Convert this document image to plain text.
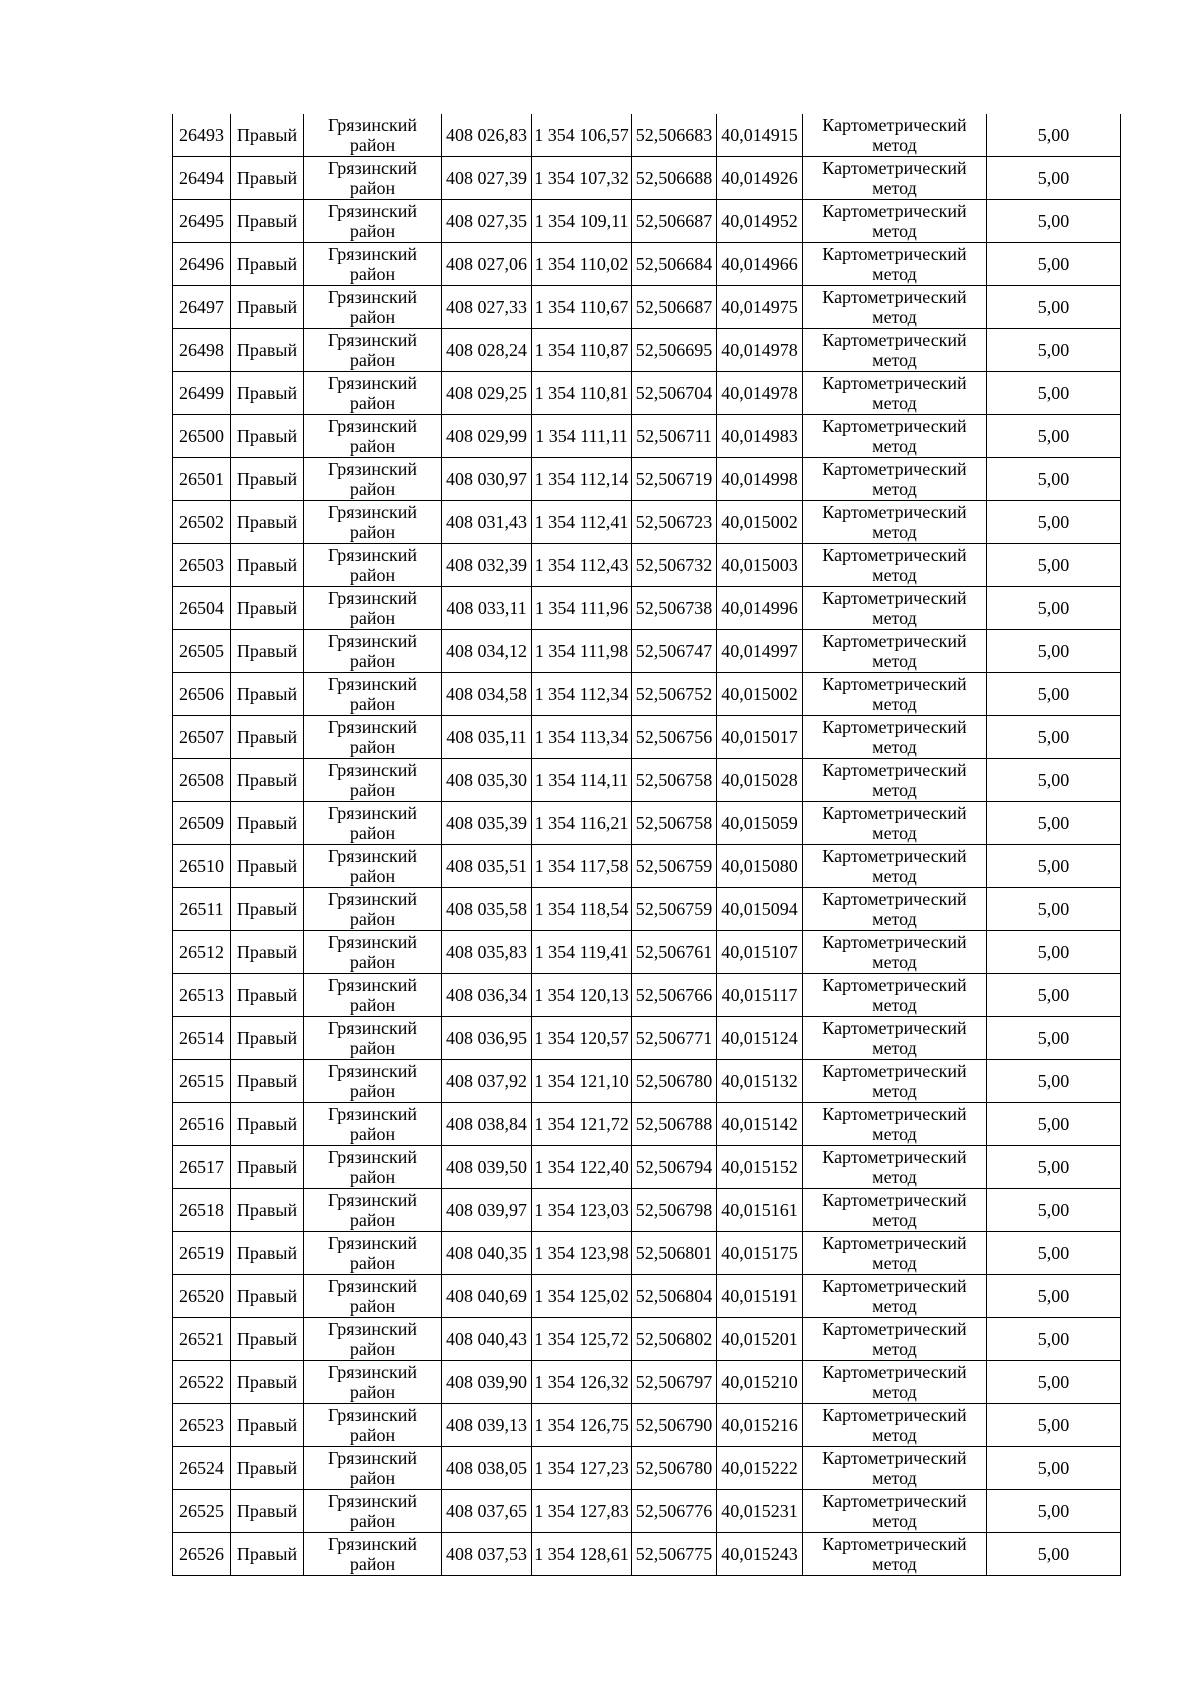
26493	Правый	Грязинский район	408 026,83	1 354 106,57	52,506683	40,014915	Картометрический метод	5,00
26494	Правый	Грязинский район	408 027,39	1 354 107,32	52,506688	40,014926	Картометрический метод	5,00
26495	Правый	Грязинский район	408 027,35	1 354 109,11	52,506687	40,014952	Картометрический метод	5,00
26496	Правый	Грязинский район	408 027,06	1 354 110,02	52,506684	40,014966	Картометрический метод	5,00
26497	Правый	Грязинский район	408 027,33	1 354 110,67	52,506687	40,014975	Картометрический метод	5,00
26498	Правый	Грязинский район	408 028,24	1 354 110,87	52,506695	40,014978	Картометрический метод	5,00
26499	Правый	Грязинский район	408 029,25	1 354 110,81	52,506704	40,014978	Картометрический метод	5,00
26500	Правый	Грязинский район	408 029,99	1 354 111,11	52,506711	40,014983	Картометрический метод	5,00
26501	Правый	Грязинский район	408 030,97	1 354 112,14	52,506719	40,014998	Картометрический метод	5,00
26502	Правый	Грязинский район	408 031,43	1 354 112,41	52,506723	40,015002	Картометрический метод	5,00
26503	Правый	Грязинский район	408 032,39	1 354 112,43	52,506732	40,015003	Картометрический метод	5,00
26504	Правый	Грязинский район	408 033,11	1 354 111,96	52,506738	40,014996	Картометрический метод	5,00
26505	Правый	Грязинский район	408 034,12	1 354 111,98	52,506747	40,014997	Картометрический метод	5,00
26506	Правый	Грязинский район	408 034,58	1 354 112,34	52,506752	40,015002	Картометрический метод	5,00
26507	Правый	Грязинский район	408 035,11	1 354 113,34	52,506756	40,015017	Картометрический метод	5,00
26508	Правый	Грязинский район	408 035,30	1 354 114,11	52,506758	40,015028	Картометрический метод	5,00
26509	Правый	Грязинский район	408 035,39	1 354 116,21	52,506758	40,015059	Картометрический метод	5,00
26510	Правый	Грязинский район	408 035,51	1 354 117,58	52,506759	40,015080	Картометрический метод	5,00
26511	Правый	Грязинский район	408 035,58	1 354 118,54	52,506759	40,015094	Картометрический метод	5,00
26512	Правый	Грязинский район	408 035,83	1 354 119,41	52,506761	40,015107	Картометрический метод	5,00
26513	Правый	Грязинский район	408 036,34	1 354 120,13	52,506766	40,015117	Картометрический метод	5,00
26514	Правый	Грязинский район	408 036,95	1 354 120,57	52,506771	40,015124	Картометрический метод	5,00
26515	Правый	Грязинский район	408 037,92	1 354 121,10	52,506780	40,015132	Картометрический метод	5,00
26516	Правый	Грязинский район	408 038,84	1 354 121,72	52,506788	40,015142	Картометрический метод	5,00
26517	Правый	Грязинский район	408 039,50	1 354 122,40	52,506794	40,015152	Картометрический метод	5,00
26518	Правый	Грязинский район	408 039,97	1 354 123,03	52,506798	40,015161	Картометрический метод	5,00
26519	Правый	Грязинский район	408 040,35	1 354 123,98	52,506801	40,015175	Картометрический метод	5,00
26520	Правый	Грязинский район	408 040,69	1 354 125,02	52,506804	40,015191	Картометрический метод	5,00
26521	Правый	Грязинский район	408 040,43	1 354 125,72	52,506802	40,015201	Картометрический метод	5,00
26522	Правый	Грязинский район	408 039,90	1 354 126,32	52,506797	40,015210	Картометрический метод	5,00
26523	Правый	Грязинский район	408 039,13	1 354 126,75	52,506790	40,015216	Картометрический метод	5,00
26524	Правый	Грязинский район	408 038,05	1 354 127,23	52,506780	40,015222	Картометрический метод	5,00
26525	Правый	Грязинский район	408 037,65	1 354 127,83	52,506776	40,015231	Картометрический метод	5,00
26526	Правый	Грязинский район	408 037,53	1 354 128,61	52,506775	40,015243	Картометрический метод	5,00
